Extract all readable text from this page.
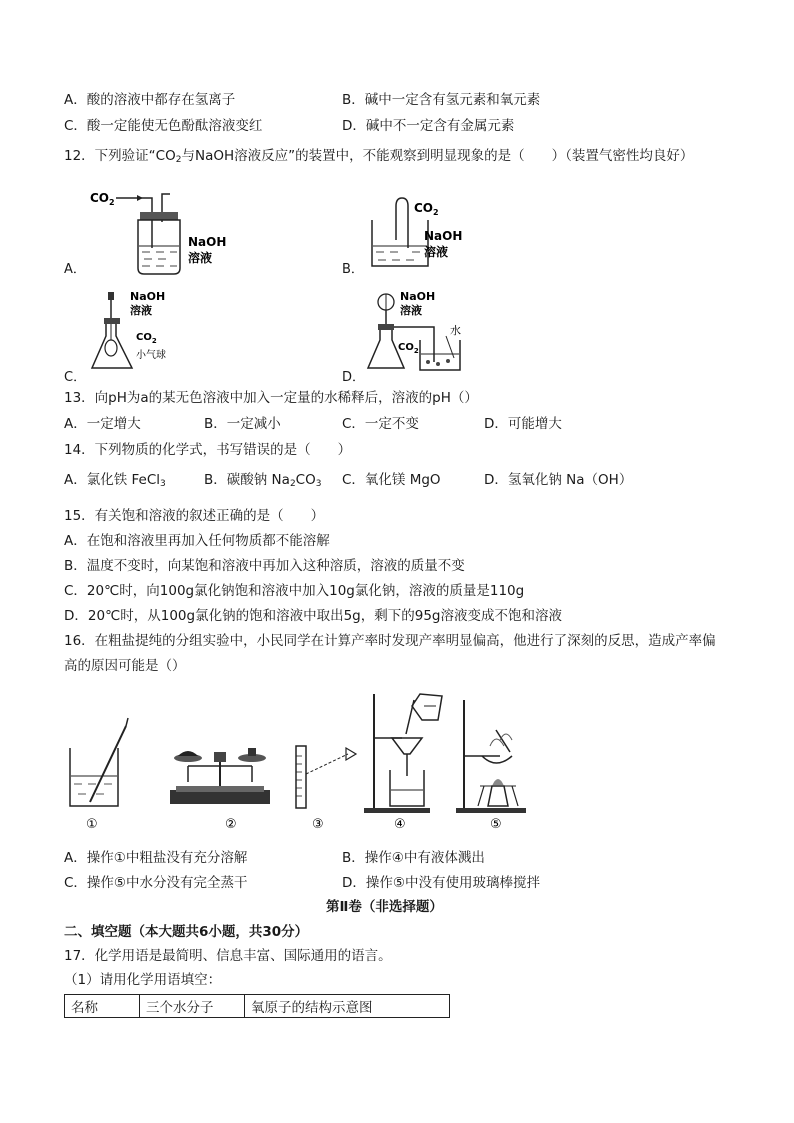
A．酸的溶液中都存在氢离子	B．碱中一定含有氢元素和氧元素
C．酸一定能使无色酚酞溶液变红	D．碱中不一定含有金属元素
12．下列验证“$CO_2$与NaOH溶液反应”的装置中，不能观察到明显现象的是（　　）（装置气密性均良好）
A．
$CO_2$
NaOH
溶液
B．
$CO_2$
NaOH
溶液
C．
NaOH
溶液
$CO_2$
小气球
D．
NaOH
溶液
$CO_2$
水
13．向pH为a的某无色溶液中加入一定量的水稀释后，溶液的pH（）
A．一定增大	B．一定减小	C．一定不变	D．可能增大
14．下列物质的化学式，书写错误的是（　　）
A．氯化铁 FeCl$_3$	B．碳酸钠 $Na_2CO_3$ C．氧化镁 MgO	D．氢氧化钠 Na（OH）
15．有关饱和溶液的叙述正确的是（　　）
A．在饱和溶液里再加入任何物质都不能溶解
B．温度不变时，向某饱和溶液中再加入这种溶质，溶液的质量不变
C．20℃时，向100g氯化钠饱和溶液中加入10g氯化钠，溶液的质量是110g
D．20℃时，从100g氯化钠的饱和溶液中取出5g，剩下的95g溶液变成不饱和溶液
16．在粗盐提纯的分组实验中，小民同学在计算产率时发现产率明显偏高，他进行了深刻的反思，造成产率偏
高的原因可能是（）
①	②	③	④	⑤
A．操作①中粗盐没有充分溶解	B．操作④中有液体溅出
C．操作⑤中水分没有完全蒸干	D．操作⑤中没有使用玻璃棒搅拌
第Ⅱ卷（非选择题）
二、填空题（本大题共6小题，共30分）
17．化学用语是最简明、信息丰富、国际通用的语言。
（1）请用化学用语填空：
名称	三个水分子	氧原子的结构示意图
